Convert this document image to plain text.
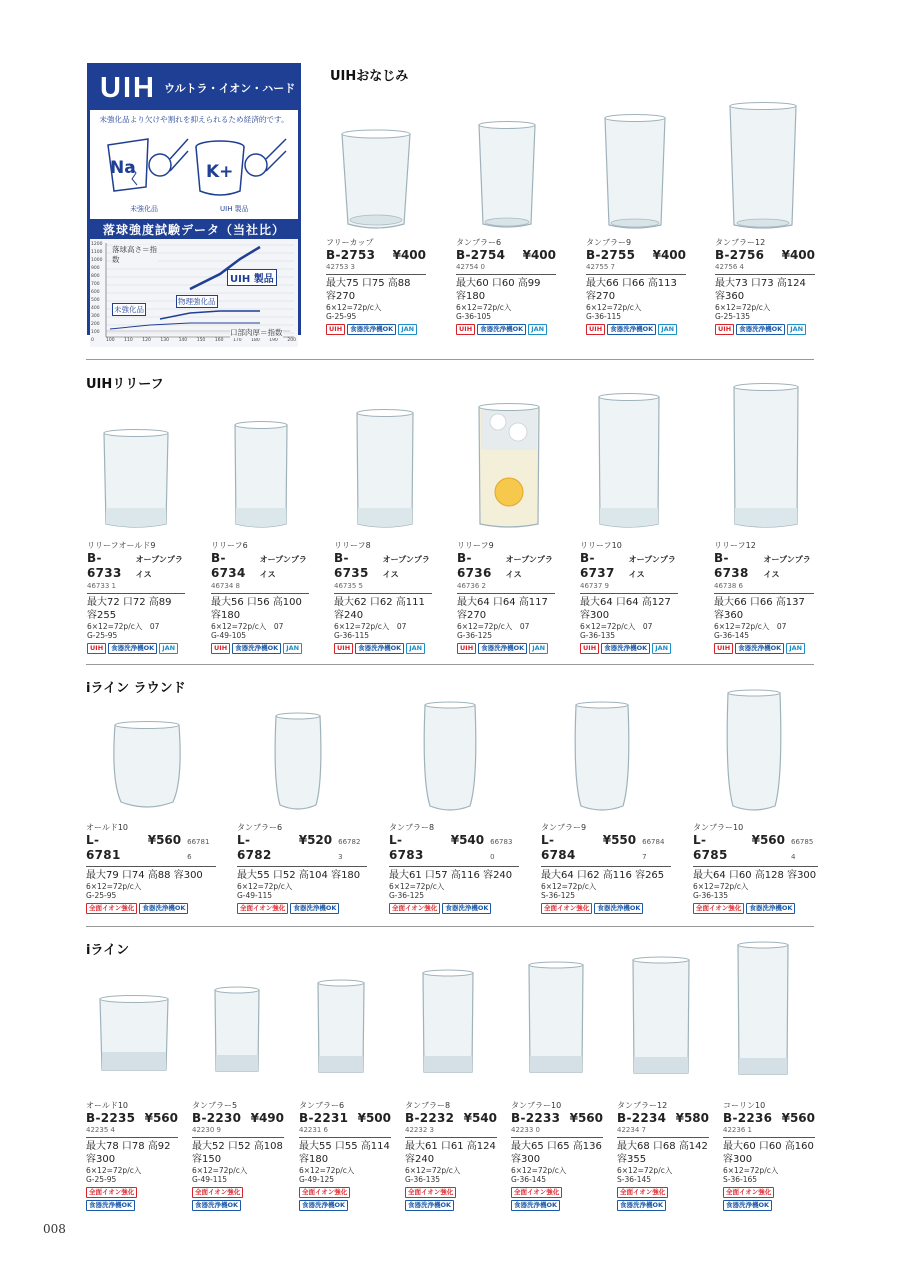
UIH ウルトラ・イオン・ハード
未強化品より欠けや割れを抑えられるため経済的です。
Na	K+
未強化品	UIH 製品
落球強度試験データ（当社比）
1200
1100
1000
900
800
700
600
500
400
300
200
100
0	100 110 120 130 140 150 160 170 180 190 200
落球高さ＝指数
UIH 製品
物理強化品
未強化品
口部肉厚＝指数
UIHおなじみ
UIHリリーフ
iライン ラウンド
iライン
フリーカップ
B-2753 ¥400
42753 3
最大75 口75 高88
容270
6×12=72p/c入
G-25-95
UIH	食器洗浄機OK	JAN
タンブラー6
B-2754 ¥400
42754 0
最大60 口60 高99
容180
6×12=72p/c入
G-36-105
UIH	食器洗浄機OK	JAN
タンブラー9
B-2755 ¥400
42755 7
最大66 口66 高113
容270
6×12=72p/c入
G-36-115
UIH	食器洗浄機OK	JAN
タンブラー12
B-2756 ¥400
42756 4
最大73 口73 高124
容360
6×12=72p/c入
G-25-135
UIH	食器洗浄機OK	JAN
リリーフオールド9
B-6733
オープンプライス
46733 1
最大72 口72 高89
容255
6×12=72p/c入　07
G-25-95
UIH	食器洗浄機OK	JAN
リリーフ6
B-6734
オープンプライス
46734 8
最大56 口56 高100
容180
6×12=72p/c入　07
G-49-105
UIH	食器洗浄機OK	JAN
リリーフ8
B-6735
オープンプライス
46735 5
最大62 口62 高111
容240
6×12=72p/c入　07
G-36-115
UIH	食器洗浄機OK	JAN
リリーフ9
B-6736
オープンプライス
46736 2
最大64 口64 高117
容270
6×12=72p/c入　07
G-36-125
UIH	食器洗浄機OK	JAN
リリーフ10
B-6737
オープンプライス
46737 9
最大64 口64 高127
容300
6×12=72p/c入　07
G-36-135
UIH	食器洗浄機OK	JAN
リリーフ12
B-6738
オープンプライス
46738 6
最大66 口66 高137
容360
6×12=72p/c入　07
G-36-145
UIH	食器洗浄機OK	JAN
オールド10
L-6781
¥560 66781 6
最大79 口74 高88 容300
6×12=72p/c入
G-25-95
全面イオン強化	食器洗浄機OK
タンブラー6
L-6782
¥520 66782 3
最大55 口52 高104 容180
6×12=72p/c入
G-49-115
全面イオン強化	食器洗浄機OK
タンブラー8
L-6783
¥540 66783 0
最大61 口57 高116 容240
6×12=72p/c入
G-36-125
全面イオン強化	食器洗浄機OK
タンブラー9
L-6784
¥550 66784 7
最大64 口62 高116 容265
6×12=72p/c入
S-36-125
全面イオン強化	食器洗浄機OK
タンブラー10
L-6785
¥560 66785 4
最大64 口60 高128 容300
6×12=72p/c入
G-36-135
全面イオン強化	食器洗浄機OK
オールド10
B-2235 ¥560
42235 4
最大78 口78 高92
容300
6×12=72p/c入
G-25-95
全面イオン強化
食器洗浄機OK
タンブラー5
B-2230 ¥490
42230 9
最大52 口52 高108
容150
6×12=72p/c入
G-49-115
全面イオン強化
食器洗浄機OK
タンブラー6
B-2231 ¥500
42231 6
最大55 口55 高114
容180
6×12=72p/c入
G-49-125
全面イオン強化
食器洗浄機OK
タンブラー8
B-2232 ¥540
42232 3
最大61 口61 高124
容240
6×12=72p/c入
G-36-135
全面イオン強化
食器洗浄機OK
タンブラー10
B-2233 ¥560
42233 0
最大65 口65 高136
容300
6×12=72p/c入
G-36-145
全面イオン強化
食器洗浄機OK
タンブラー12
B-2234 ¥580
42234 7
最大68 口68 高142
容355
6×12=72p/c入
S-36-145
全面イオン強化
食器洗浄機OK
コーリン10
B-2236 ¥560
42236 1
最大60 口60 高160
容300
6×12=72p/c入
S-36-165
全面イオン強化
食器洗浄機OK
008
